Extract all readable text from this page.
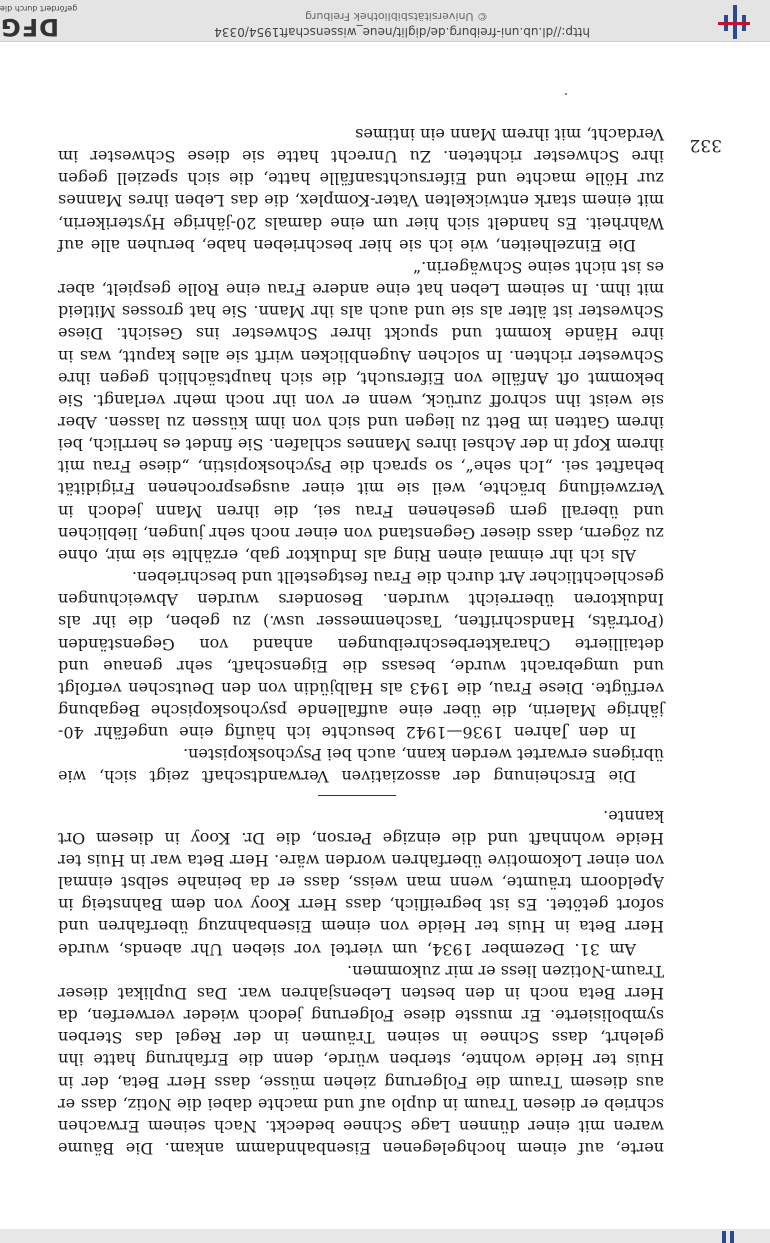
nerte, auf einem hochgelegenen Eisenbahndamm ankam. Die Bäume waren mit einer dünnen Lage Schnee bedeckt. Nach seinem Erwachen schrieb er diesen Traum in duplo auf und machte dabei die Notiz, dass er aus diesem Traum die Folgerung ziehen müsse, dass Herr Beta, der in Huis ter Heide wohnte, sterben würde, denn die Erfahrung hatte ihn gelehrt, dass Schnee in seinen Träumen in der Regel das Sterben symbolisierte. Er musste diese Folgerung jedoch wieder verwerfen, da Herr Beta noch in den besten Lebensjahren war. Das Duplikat dieser Traum-Notizen liess er mir zukommen.

Am 31. Dezember 1934, um viertel vor sieben Uhr abends, wurde Herr Beta in Huis ter Heide von einem Eisenbahnzug überfahren und sofort getötet. Es ist begreiflich, dass Herr Kooy von dem Bahnsteig in Apeldoorn träumte, wenn man weiss, dass er da beinahe selbst einmal von einer Lokomotive überfahren worden wäre. Herr Beta war in Huis ter Heide wohnhaft und die einzige Person, die Dr. Kooy in diesem Ort kannte.

Die Erscheinung der assoziativen Verwandtschaft zeigt sich, wie übrigens erwartet werden kann, auch bei Psychoskopisten.

In den Jahren 1936—1942 besuchte ich häufig eine ungefähr 40-jährige Malerin, die über eine auffallende psychoskopische Begabung verfügte. Diese Frau, die 1943 als Halbjüdin von den Deutschen verfolgt und umgebracht wurde, besass die Eigenschaft, sehr genaue und detaillierte Charakterbeschreibungen anhand von Gegenständen (Porträts, Handschriften, Taschenmesser usw.) zu geben, die ihr als Induktoren überreicht wurden. Besonders wurden Abweichungen geschlechtlicher Art durch die Frau festgestellt und beschrieben.

Als ich ihr einmal einen Ring als Induktor gab, erzählte sie mir, ohne zu zögern, dass dieser Gegenstand von einer noch sehr jungen, lieblichen und überall gern gesehenen Frau sei, die ihren Mann jedoch in Verzweiflung brächte, weil sie mit einer ausgesprochenen Frigidität behaftet sei. „Ich sehe“, so sprach die Psychoskopistin, „diese Frau mit ihrem Kopf in der Achsel ihres Mannes schlafen. Sie findet es herrlich, bei ihrem Gatten im Bett zu liegen und sich von ihm küssen zu lassen. Aber sie weist ihn schroff zurück, wenn er von ihr noch mehr verlangt. Sie bekommt oft Anfälle von Eifersucht, die sich hauptsächlich gegen ihre Schwester richten. In solchen Augenblicken wirft sie alles kaputt, was in ihre Hände kommt und spuckt ihrer Schwester ins Gesicht. Diese Schwester ist älter als sie und auch als ihr Mann. Sie hat grosses Mitleid mit ihm. In seinem Leben hat eine andere Frau eine Rolle gespielt, aber es ist nicht seine Schwägerin.“

Die Einzelheiten, wie ich sie hier beschrieben habe, beruhen alle auf Wahrheit. Es handelt sich hier um eine damals 20-jährige Hysterikerin, mit einem stark entwickelten Vater-Komplex, die das Leben ihres Mannes zur Hölle machte und Eifersuchtsanfälle hatte, die sich speziell gegen ihre Schwester richteten. Zu Unrecht hatte sie diese Schwester im Verdacht, mit ihrem Mann ein intimes

332
http://dl.ub.uni-freiburg.de/diglit/neue_wissenschaft1954/0334
© Universitätsbibliothek Freiburg
DFG
gefördert durch die
